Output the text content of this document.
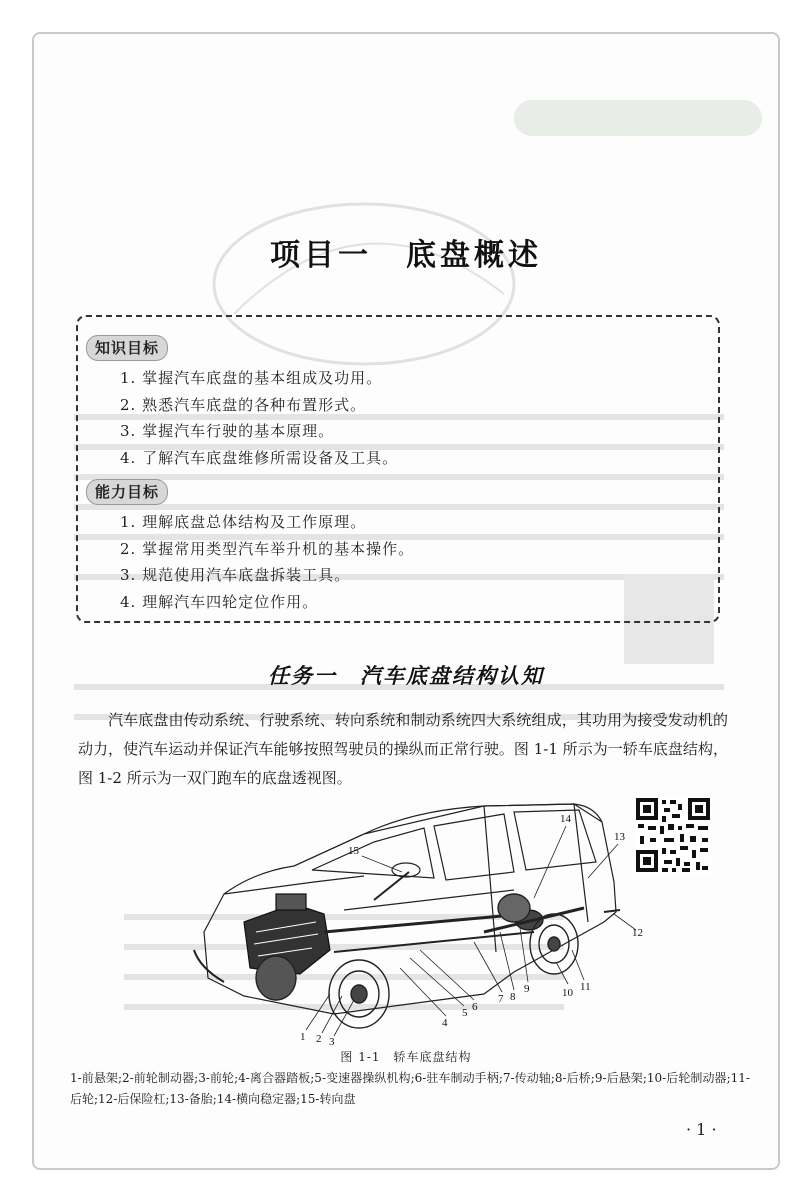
项目一　底盘概述
知识目标
1. 掌握汽车底盘的基本组成及功用。
2. 熟悉汽车底盘的各种布置形式。
3. 掌握汽车行驶的基本原理。
4. 了解汽车底盘维修所需设备及工具。
能力目标
1. 理解底盘总体结构及工作原理。
2. 掌握常用类型汽车举升机的基本操作。
3. 规范使用汽车底盘拆装工具。
4. 理解汽车四轮定位作用。
任务一　汽车底盘结构认知

汽车底盘由传动系统、行驶系统、转向系统和制动系统四大系统组成，其功用为接受发动机的动力，使汽车运动并保证汽车能够按照驾驶员的操纵而正常行驶。图 1-1 所示为一轿车底盘结构，图 1-2 所示为一双门跑车的底盘透视图。

1 2 3
4
5 6
7 8
9	10 11
12
13
14
15
图 1-1　轿车底盘结构

1-前悬架;2-前轮制动器;3-前轮;4-离合器踏板;5-变速器操纵机构;6-驻车制动手柄;7-传动轴;8-后桥;9-后悬架;10-后轮制动器;11-后轮;12-后保险杠;13-备胎;14-横向稳定器;15-转向盘

· 1 ·
